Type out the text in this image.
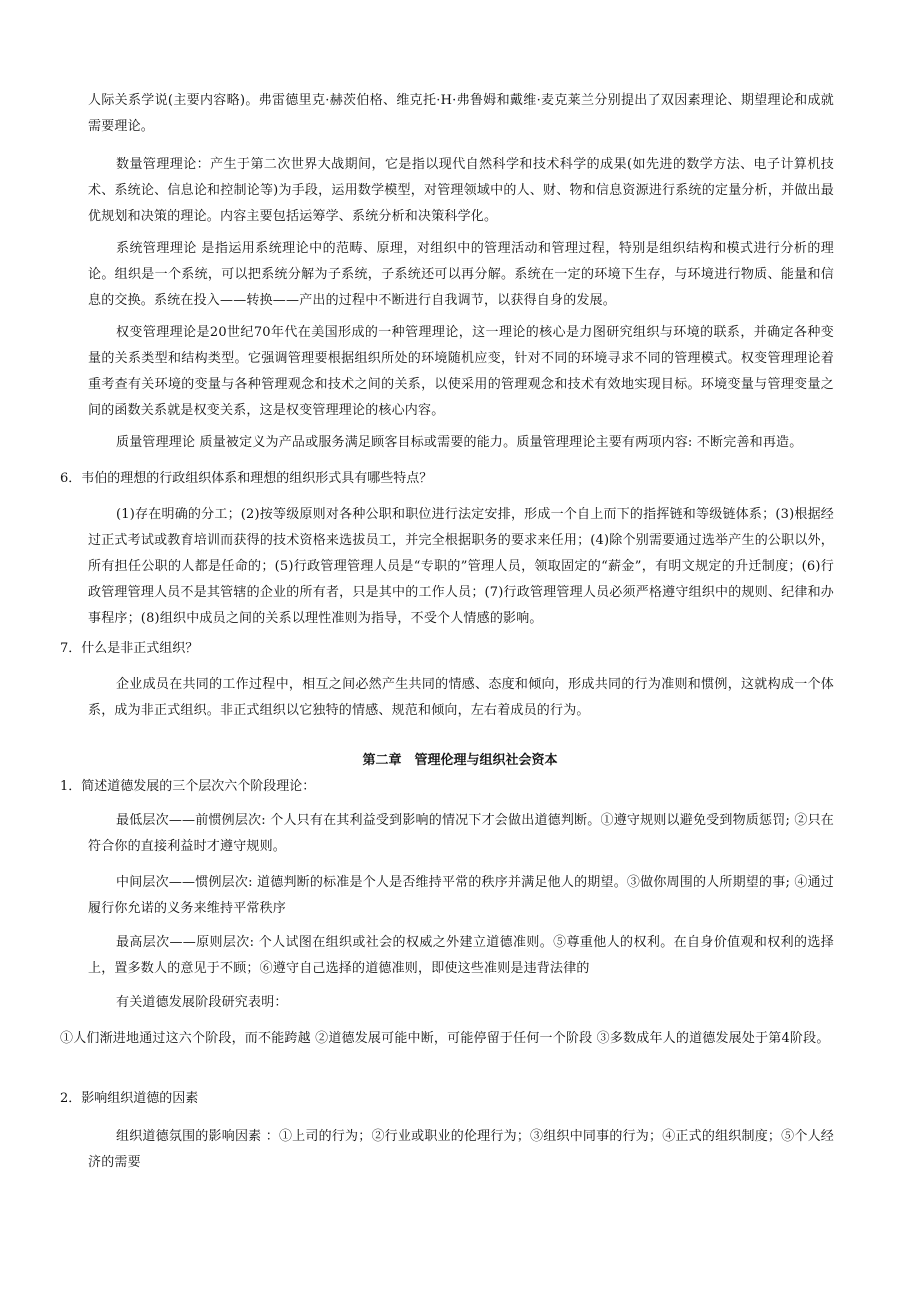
人际关系学说(主要内容略)。弗雷德里克·赫茨伯格、维克托·H·弗鲁姆和戴维·麦克莱兰分别提出了双因素理论、期望理论和成就需要理论。

数量管理理论：产生于第二次世界大战期间，它是指以现代自然科学和技术科学的成果(如先进的数学方法、电子计算机技术、系统论、信息论和控制论等)为手段，运用数学模型，对管理领域中的人、财、物和信息资源进行系统的定量分析，并做出最优规划和决策的理论。内容主要包括运筹学、系统分析和决策科学化。

系统管理理论 是指运用系统理论中的范畴、原理，对组织中的管理活动和管理过程，特别是组织结构和模式进行分析的理论。组织是一个系统，可以把系统分解为子系统，子系统还可以再分解。系统在一定的环境下生存，与环境进行物质、能量和信息的交换。系统在投入——转换——产出的过程中不断进行自我调节，以获得自身的发展。

权变管理理论是20世纪70年代在美国形成的一种管理理论，这一理论的核心是力图研究组织与环境的联系，并确定各种变量的关系类型和结构类型。它强调管理要根据组织所处的环境随机应变，针对不同的环境寻求不同的管理模式。权变管理理论着重考查有关环境的变量与各种管理观念和技术之间的关系，以使采用的管理观念和技术有效地实现目标。环境变量与管理变量之间的函数关系就是权变关系，这是权变管理理论的核心内容。

质量管理理论 质量被定义为产品或服务满足顾客目标或需要的能力。质量管理理论主要有两项内容: 不断完善和再造。

6．韦伯的理想的行政组织体系和理想的组织形式具有哪些特点？

(1)存在明确的分工；(2)按等级原则对各种公职和职位进行法定安排，形成一个自上而下的指挥链和等级链体系；(3)根据经过正式考试或教育培训而获得的技术资格来选拔员工，并完全根据职务的要求来任用；(4)除个别需要通过选举产生的公职以外，所有担任公职的人都是任命的；(5)行政管理管理人员是“专职的”管理人员，领取固定的“薪金”，有明文规定的升迁制度；(6)行政管理管理人员不是其管辖的企业的所有者，只是其中的工作人员；(7)行政管理管理人员必须严格遵守组织中的规则、纪律和办事程序；(8)组织中成员之间的关系以理性准则为指导，不受个人情感的影响。

7．什么是非正式组织？

企业成员在共同的工作过程中，相互之间必然产生共同的情感、态度和倾向，形成共同的行为准则和惯例，这就构成一个体系，成为非正式组织。非正式组织以它独特的情感、规范和倾向，左右着成员的行为。

第二章　管理伦理与组织社会资本

1．简述道德发展的三个层次六个阶段理论：

最低层次——前惯例层次: 个人只有在其利益受到影响的情况下才会做出道德判断。①遵守规则以避免受到物质惩罚; ②只在符合你的直接利益时才遵守规则。

中间层次——惯例层次: 道德判断的标准是个人是否维持平常的秩序并满足他人的期望。③做你周围的人所期望的事; ④通过履行你允诺的义务来维持平常秩序

最高层次——原则层次: 个人试图在组织或社会的权威之外建立道德准则。⑤尊重他人的权利。在自身价值观和权利的选择上，置多数人的意见于不顾；⑥遵守自己选择的道德准则，即使这些准则是违背法律的

有关道德发展阶段研究表明：

①人们渐进地通过这六个阶段，而不能跨越 ②道德发展可能中断，可能停留于任何一个阶段 ③多数成年人的道德发展处于第4阶段。

2．影响组织道德的因素

组织道德氛围的影响因素 ：①上司的行为；②行业或职业的伦理行为；③组织中同事的行为；④正式的组织制度；⑤个人经济的需要
